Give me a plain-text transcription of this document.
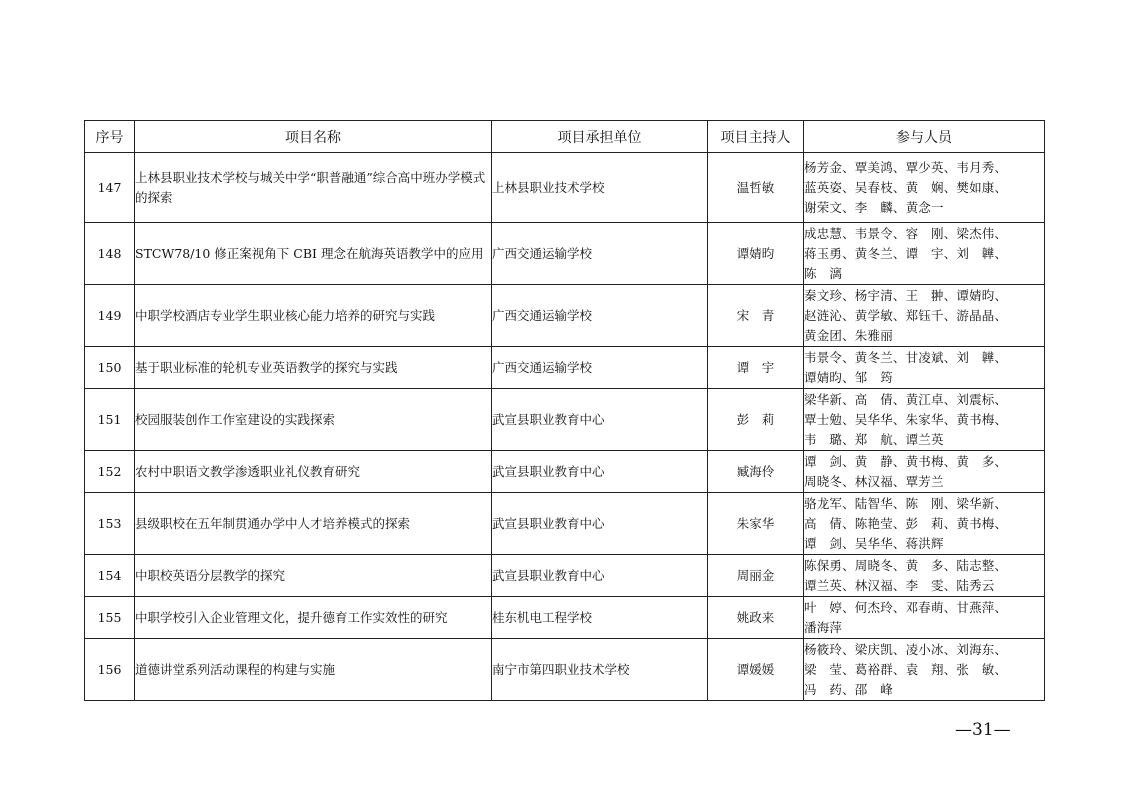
序号	项目名称	项目承担单位	项目主持人	参与人员
147	上林县职业技术学校与城关中学“职普融通”综合高中班办学模式的探索	上林县职业技术学校	温哲敏	杨芳金、覃美鸿、覃少英、韦月秀、
蓝英姿、吴春枝、黄　娴、樊如康、
谢荣文、李　麟、黄念一

148	STCW78/10 修正案视角下 CBI 理念在航海英语教学中的应用	广西交通运输学校	谭婧昀	成忠慧、韦景令、容　刚、梁杰伟、
蒋玉勇、黄冬兰、谭　宇、刘　韡、
陈　漓

149	中职学校酒店专业学生职业核心能力培养的研究与实践	广西交通运输学校	宋　青	秦文珍、杨宇清、王　翀、谭婧昀、
赵涟沁、黄学敏、郑钰千、游晶晶、
黄金团、朱雅丽

150	基于职业标准的轮机专业英语教学的探究与实践	广西交通运输学校	谭　宇	韦景令、黄冬兰、甘凌斌、刘　韡、
谭婧昀、邹　筠

151	校园服装创作工作室建设的实践探索	武宣县职业教育中心	彭　莉	梁华新、高　倩、黄江卓、刘震标、
覃士勉、吴华华、朱家华、黄书梅、
韦　璐、郑　航、谭兰英

152	农村中职语文教学渗透职业礼仪教育研究	武宣县职业教育中心	臧海伶	谭　剑、黄　静、黄书梅、黄　多、
周晓冬、林汉福、覃芳兰

153	县级职校在五年制贯通办学中人才培养模式的探索	武宣县职业教育中心	朱家华	骆龙军、陆智华、陈　刚、梁华新、
高　倩、陈艳莹、彭　莉、黄书梅、
谭　剑、吴华华、蒋洪辉

154	中职校英语分层教学的探究	武宣县职业教育中心	周丽金	陈保勇、周晓冬、黄　多、陆志整、
谭兰英、林汉福、李　雯、陆秀云

155	中职学校引入企业管理文化，提升德育工作实效性的研究	桂东机电工程学校	姚政来	叶　婷、何杰玲、邓春萌、甘燕萍、
潘海萍

156	道德讲堂系列活动课程的构建与实施	南宁市第四职业技术学校	谭媛媛	杨筱玲、梁庆凯、凌小冰、刘海东、
梁　莹、葛裕群、袁　翔、张　敏、
冯　药、邵　峰
—31—
